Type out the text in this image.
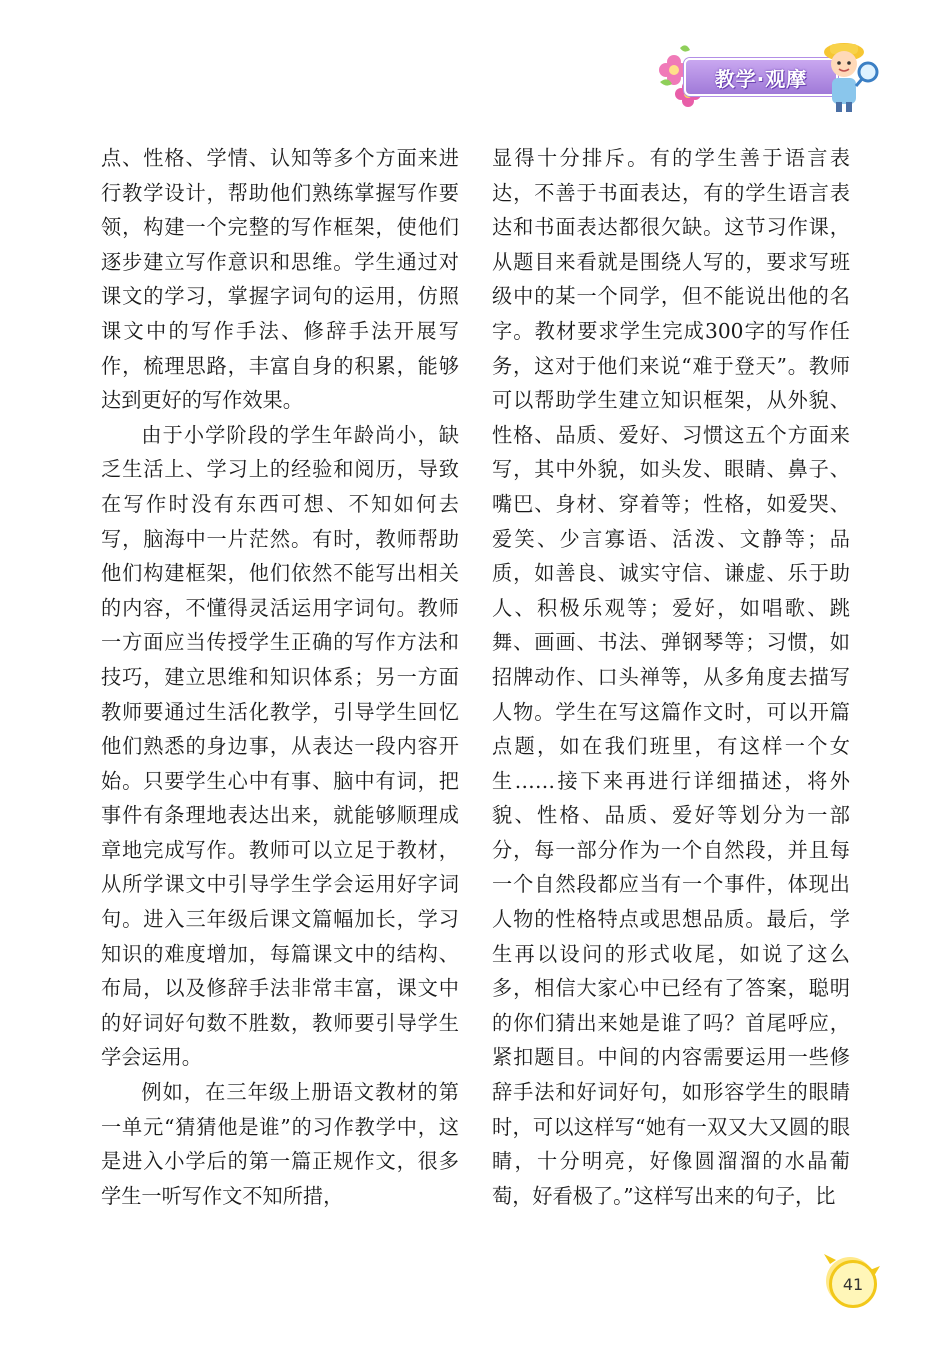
教学·观摩

点、性格、学情、认知等多个方面来进行教学设计，帮助他们熟练掌握写作要领，构建一个完整的写作框架，使他们逐步建立写作意识和思维。学生通过对课文的学习，掌握字词句的运用，仿照课文中的写作手法、修辞手法开展写作，梳理思路，丰富自身的积累，能够达到更好的写作效果。

由于小学阶段的学生年龄尚小，缺乏生活上、学习上的经验和阅历，导致在写作时没有东西可想、不知如何去写，脑海中一片茫然。有时，教师帮助他们构建框架，他们依然不能写出相关的内容，不懂得灵活运用字词句。教师一方面应当传授学生正确的写作方法和技巧，建立思维和知识体系；另一方面教师要通过生活化教学，引导学生回忆他们熟悉的身边事，从表达一段内容开始。只要学生心中有事、脑中有词，把事件有条理地表达出来，就能够顺理成章地完成写作。教师可以立足于教材，从所学课文中引导学生学会运用好字词句。进入三年级后课文篇幅加长，学习知识的难度增加，每篇课文中的结构、布局，以及修辞手法非常丰富，课文中的好词好句数不胜数，教师要引导学生学会运用。

例如，在三年级上册语文教材的第一单元“猜猜他是谁”的习作教学中，这是进入小学后的第一篇正规作文，很多学生一听写作文不知所措，

显得十分排斥。有的学生善于语言表达，不善于书面表达，有的学生语言表达和书面表达都很欠缺。这节习作课，从题目来看就是围绕人写的，要求写班级中的某一个同学，但不能说出他的名字。教材要求学生完成300字的写作任务，这对于他们来说“难于登天”。教师可以帮助学生建立知识框架，从外貌、性格、品质、爱好、习惯这五个方面来写，其中外貌，如头发、眼睛、鼻子、嘴巴、身材、穿着等；性格，如爱哭、爱笑、少言寡语、活泼、文静等；品质，如善良、诚实守信、谦虚、乐于助人、积极乐观等；爱好，如唱歌、跳舞、画画、书法、弹钢琴等；习惯，如招牌动作、口头禅等，从多角度去描写人物。学生在写这篇作文时，可以开篇点题，如在我们班里，有这样一个女生……接下来再进行详细描述，将外貌、性格、品质、爱好等划分为一部分，每一部分作为一个自然段，并且每一个自然段都应当有一个事件，体现出人物的性格特点或思想品质。最后，学生再以设问的形式收尾，如说了这么多，相信大家心中已经有了答案，聪明的你们猜出来她是谁了吗？首尾呼应，紧扣题目。中间的内容需要运用一些修辞手法和好词好句，如形容学生的眼睛时，可以这样写“她有一双又大又圆的眼睛，十分明亮，好像圆溜溜的水晶葡萄，好看极了。”这样写出来的句子，比

41
